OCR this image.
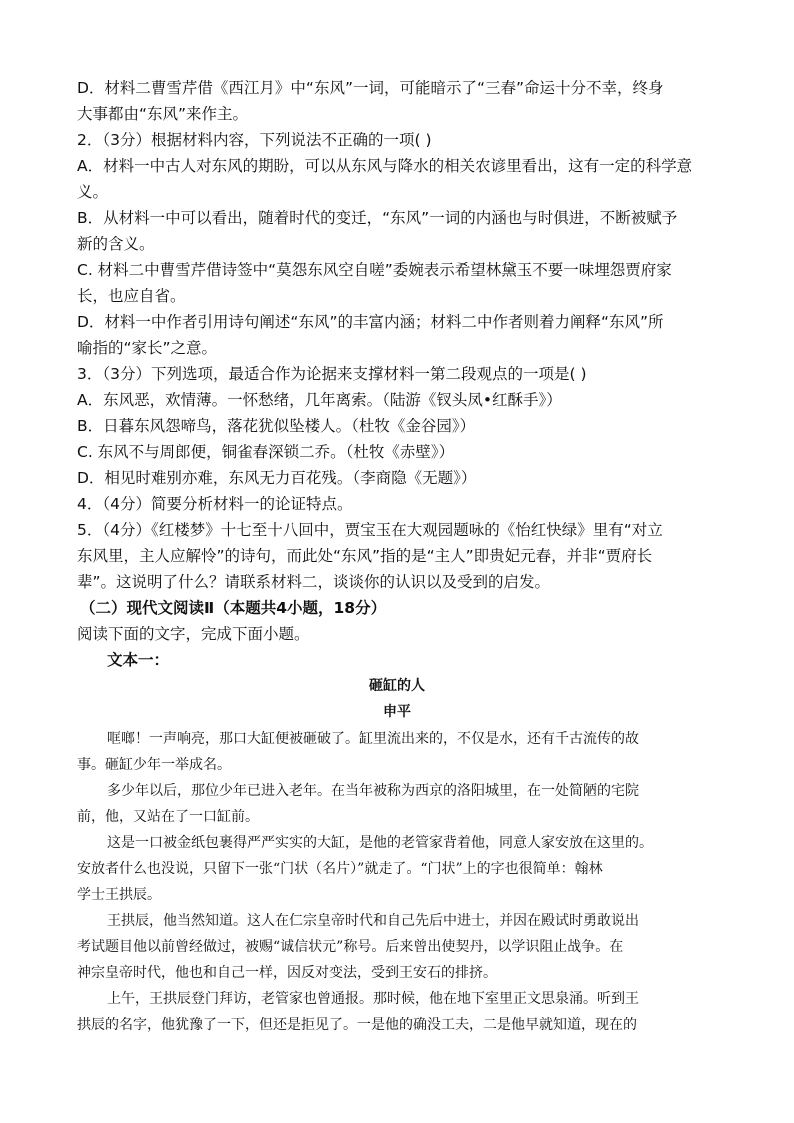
D．材料二曹雪芹借《西江月》中“东风”一词，可能暗示了“三春”命运十分不幸，终身
大事都由“东风”来作主。
2．（3分）根据材料内容，下列说法不正确的一项( )
A．材料一中古人对东风的期盼，可以从东风与降水的相关农谚里看出，这有一定的科学意
义。
B．从材料一中可以看出，随着时代的变迁，“东风”一词的内涵也与时俱进，不断被赋予
新的含义。
C. 材料二中曹雪芹借诗签中“莫怨东风空自嗟”委婉表示希望林黛玉不要一味埋怨贾府家
长，也应自省。
D．材料一中作者引用诗句阐述“东风”的丰富内涵；材料二中作者则着力阐释“东风”所
喻指的“家长”之意。
3．（3分）下列选项，最适合作为论据来支撑材料一第二段观点的一项是( )
A．东风恶，欢情薄。一怀愁绪，几年离索。（陆游《钗头凤•红酥手》）
B．日暮东风怨啼鸟，落花犹似坠楼人。（杜牧《金谷园》）
C. 东风不与周郎便，铜雀春深锁二乔。（杜牧《赤壁》）
D．相见时难别亦难，东风无力百花残。（李商隐《无题》）
4．（4分）简要分析材料一的论证特点。
5．（4分）《红楼梦》十七至十八回中，贾宝玉在大观园题咏的《怡红快绿》里有“对立
东风里，主人应解怜”的诗句，而此处“东风”指的是“主人”即贵妃元春，并非“贾府长
辈”。这说明了什么？请联系材料二，谈谈你的认识以及受到的启发。
（二）现代文阅读Ⅱ（本题共4小题，18分）
阅读下面的文字，完成下面小题。
文本一：
砸缸的人
申平
哐啷！一声响亮，那口大缸便被砸破了。缸里流出来的，不仅是水，还有千古流传的故
事。砸缸少年一举成名。
多少年以后，那位少年已进入老年。在当年被称为西京的洛阳城里，在一处简陋的宅院
前，他，又站在了一口缸前。
这是一口被金纸包裹得严严实实的大缸，是他的老管家背着他，同意人家安放在这里的。
安放者什么也没说，只留下一张“门状（名片）”就走了。“门状”上的字也很简单：翰林
学士王拱辰。
王拱辰，他当然知道。这人在仁宗皇帝时代和自己先后中进士，并因在殿试时勇敢说出
考试题目他以前曾经做过，被赐“诚信状元”称号。后来曾出使契丹，以学识阻止战争。在
神宗皇帝时代，他也和自己一样，因反对变法，受到王安石的排挤。
上午，王拱辰登门拜访，老管家也曾通报。那时候，他在地下室里正文思泉涌。听到王
拱辰的名字，他犹豫了一下，但还是拒见了。一是他的确没工夫，二是他早就知道，现在的
